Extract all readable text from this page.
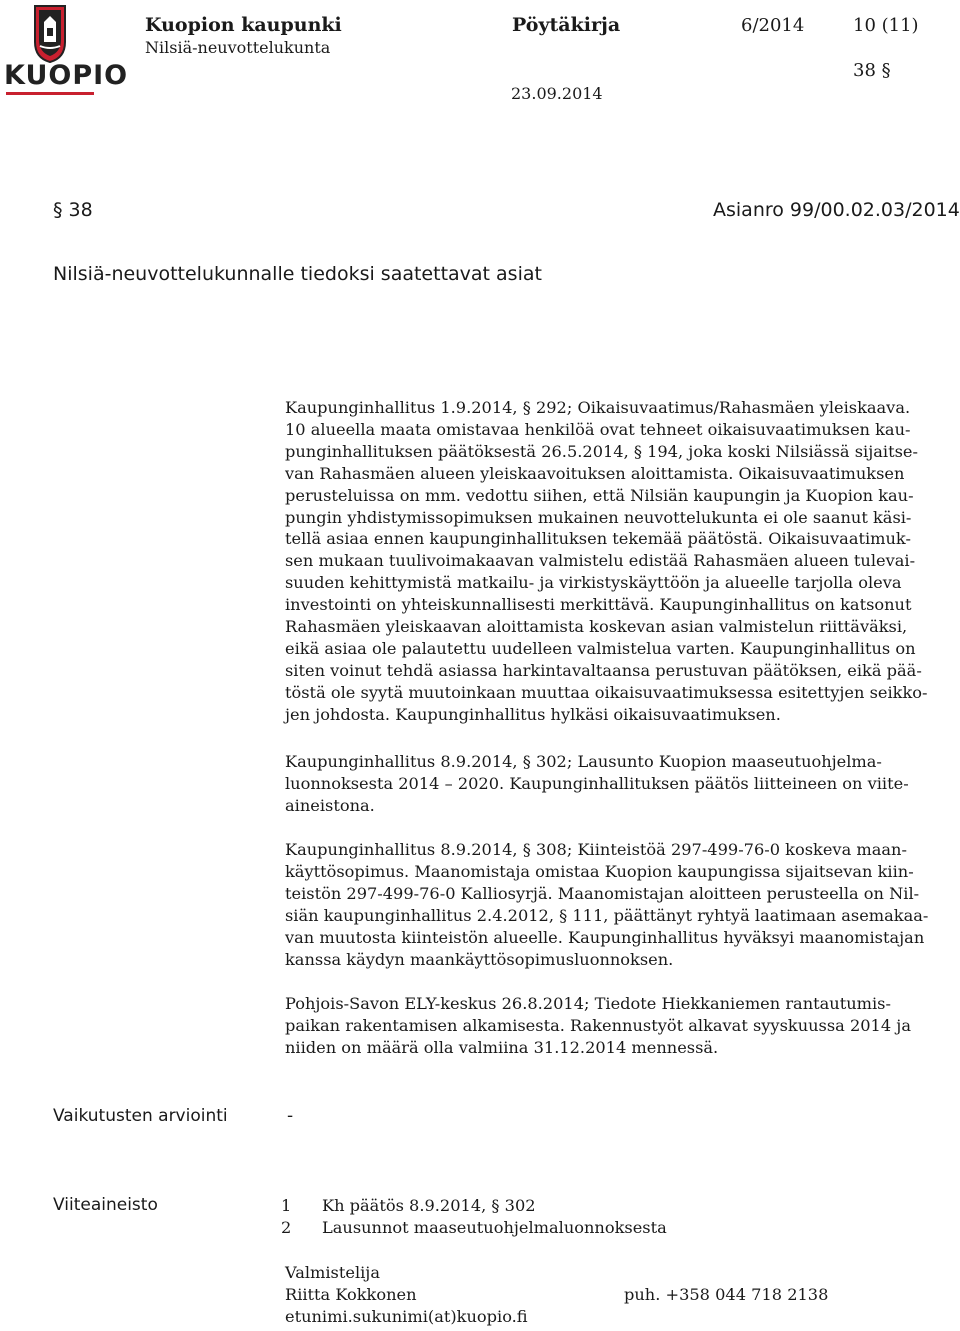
KUOPIO
Kuopion kaupunki
Nilsiä-neuvottelukunta
Pöytäkirja	6/2014	10 (11)
38 §
23.09.2014
§ 38	Asianro 99/00.02.03/2014
Nilsiä-neuvottelukunnalle tiedoksi saatettavat asiat
Kaupunginhallitus 1.9.2014, § 292; Oikaisuvaatimus/Rahasmäen yleiskaava.
10 alueella maata omistavaa henkilöä ovat tehneet oikaisuvaatimuksen kau-
punginhallituksen päätöksestä 26.5.2014, § 194, joka koski Nilsiässä sijaitse-
van Rahasmäen alueen yleiskaavoituksen aloittamista. Oikaisuvaatimuksen
perusteluissa on mm. vedottu siihen, että Nilsiän kaupungin ja Kuopion kau-
pungin yhdistymissopimuksen mukainen neuvottelukunta ei ole saanut käsi-
tellä asiaa ennen kaupunginhallituksen tekemää päätöstä. Oikaisuvaatimuk-
sen mukaan tuulivoimakaavan valmistelu edistää Rahasmäen alueen tulevai-
suuden kehittymistä matkailu- ja virkistyskäyttöön ja alueelle tarjolla oleva
investointi on yhteiskunnallisesti merkittävä. Kaupunginhallitus on katsonut
Rahasmäen yleiskaavan aloittamista koskevan asian valmistelun riittäväksi,
eikä asiaa ole palautettu uudelleen valmistelua varten. Kaupunginhallitus on
siten voinut tehdä asiassa harkintavaltaansa perustuvan päätöksen, eikä pää-
töstä ole syytä muutoinkaan muuttaa oikaisuvaatimuksessa esitettyjen seikko-
jen johdosta. Kaupunginhallitus hylkäsi oikaisuvaatimuksen.
Kaupunginhallitus 8.9.2014, § 302; Lausunto Kuopion maaseutuohjelma-
luonnoksesta 2014 – 2020. Kaupunginhallituksen päätös liitteineen on viite-
aineistona.
Kaupunginhallitus 8.9.2014, § 308; Kiinteistöä 297-499-76-0 koskeva maan-
käyttösopimus. Maanomistaja omistaa Kuopion kaupungissa sijaitsevan kiin-
teistön 297-499-76-0 Kalliosyrjä. Maanomistajan aloitteen perusteella on Nil-
siän kaupunginhallitus 2.4.2012, § 111, päättänyt ryhtyä laatimaan asemakaa-
van muutosta kiinteistön alueelle. Kaupunginhallitus hyväksyi maanomistajan
kanssa käydyn maankäyttösopimusluonnoksen.
Pohjois-Savon ELY-keskus 26.8.2014; Tiedote Hiekkaniemen rantautumis-
paikan rakentamisen alkamisesta. Rakennustyöt alkavat syyskuussa 2014 ja
niiden on määrä olla valmiina 31.12.2014 mennessä.
Vaikutusten arviointi	-
Viiteaineisto	1 Kh päätös 8.9.2014, § 302
2 Lausunnot maaseutuohjelmaluonnoksesta
Valmistelija
Riitta Kokkonen	puh. +358 044 718 2138
etunimi.sukunimi(at)kuopio.fi
